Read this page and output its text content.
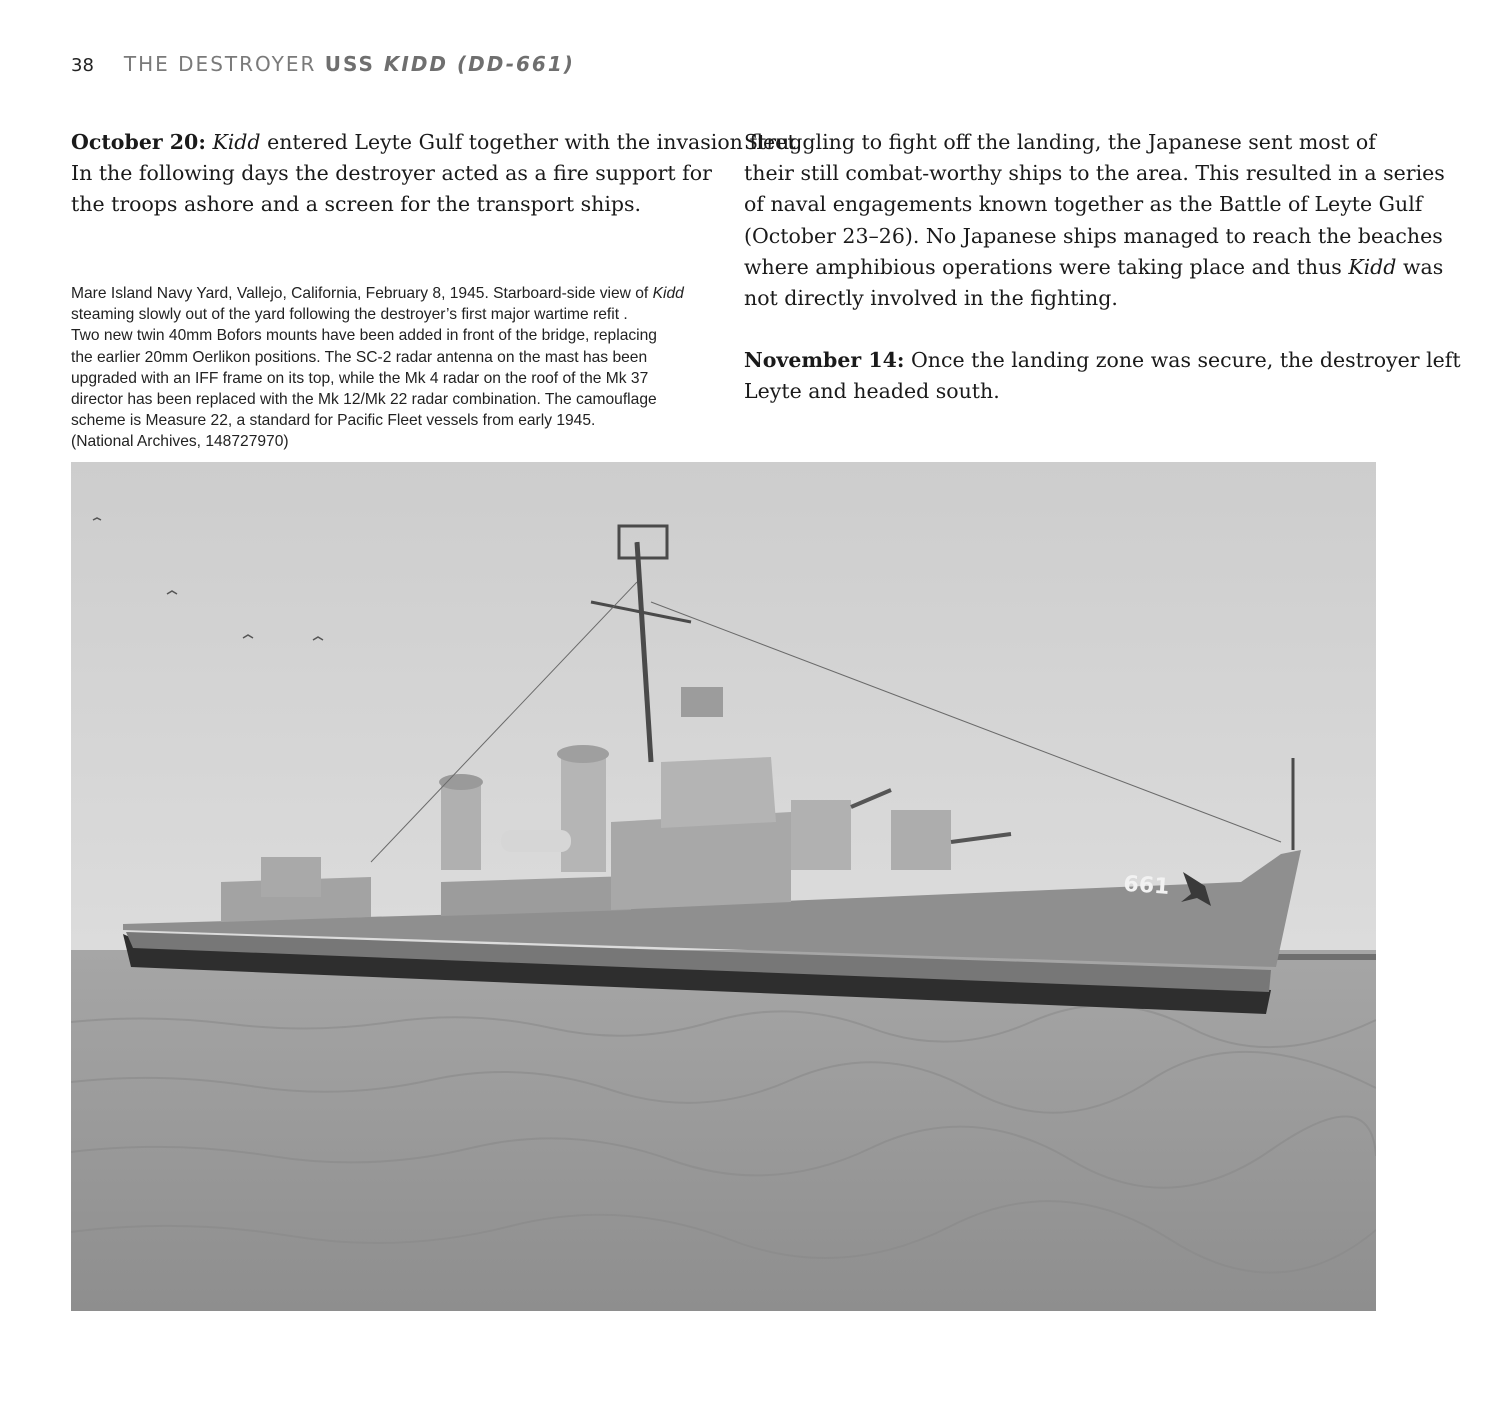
38 THE DESTROYER USS KIDD (DD-661)

October 20: Kidd entered Leyte Gulf together with the invasion fleet.
In the following days the destroyer acted as a fire support for
the troops ashore and a screen for the transport ships.

Mare Island Navy Yard, Vallejo, California, February 8, 1945. Starboard-side view of Kidd
steaming slowly out of the yard following the destroyer’s first major wartime refit .
Two new twin 40mm Bofors mounts have been added in front of the bridge, replacing
the earlier 20mm Oerlikon positions. The SC-2 radar antenna on the mast has been
upgraded with an IFF frame on its top, while the Mk 4 radar on the roof of the Mk 37
director has been replaced with the Mk 12/Mk 22 radar combination. The camouflage
scheme is Measure 22, a standard for Pacific Fleet vessels from early 1945.
(National Archives, 148727970)

Struggling to fight off the landing, the Japanese sent most of
their still combat-worthy ships to the area. This resulted in a series
of naval engagements known together as the Battle of Leyte Gulf
(October 23–26). No Japanese ships managed to reach the beaches
where amphibious operations were taking place and thus Kidd was
not directly involved in the fighting.

November 14: Once the landing zone was secure, the destroyer left
Leyte and headed south.

661
